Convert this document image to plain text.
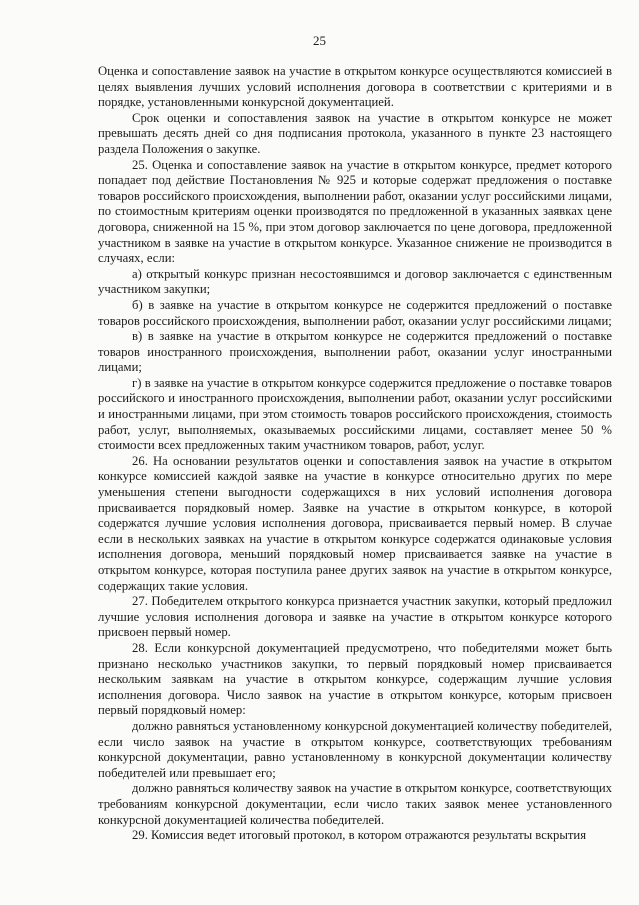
25

Оценка и сопоставление заявок на участие в открытом конкурсе осуществляются комиссией в целях выявления лучших условий исполнения договора в соответствии с критериями и в порядке, установленными конкурсной документацией.

Срок оценки и сопоставления заявок на участие в открытом конкурсе не может превышать десять дней со дня подписания протокола, указанного в пункте 23 настоящего раздела Положения о закупке.

25. Оценка и сопоставление заявок на участие в открытом конкурсе, предмет которого попадает под действие Постановления № 925 и которые содержат предложения о поставке товаров российского происхождения, выполнении работ, оказании услуг российскими лицами, по стоимостным критериям оценки производятся по предложенной в указанных заявках цене договора, сниженной на 15 %, при этом договор заключается по цене договора, предложенной участником в заявке на участие в открытом конкурсе. Указанное снижение не производится в случаях, если:

а) открытый конкурс признан несостоявшимся и договор заключается с единственным участником закупки;

б) в заявке на участие в открытом конкурсе не содержится предложений о поставке товаров российского происхождения, выполнении работ, оказании услуг российскими лицами;

в) в заявке на участие в открытом конкурсе не содержится предложений о поставке товаров иностранного происхождения, выполнении работ, оказании услуг иностранными лицами;

г) в заявке на участие в открытом конкурсе содержится предложение о поставке товаров российского и иностранного происхождения, выполнении работ, оказании услуг российскими и иностранными лицами, при этом стоимость товаров российского происхождения, стоимость работ, услуг, выполняемых, оказываемых российскими лицами, составляет менее 50 % стоимости всех предложенных таким участником товаров, работ, услуг.

26. На основании результатов оценки и сопоставления заявок на участие в открытом конкурсе комиссией каждой заявке на участие в конкурсе относительно других по мере уменьшения степени выгодности содержащихся в них условий исполнения договора присваивается порядковый номер. Заявке на участие в открытом конкурсе, в которой содержатся лучшие условия исполнения договора, присваивается первый номер. В случае если в нескольких заявках на участие в открытом конкурсе содержатся одинаковые условия исполнения договора, меньший порядковый номер присваивается заявке на участие в открытом конкурсе, которая поступила ранее других заявок на участие в открытом конкурсе, содержащих такие условия.

27. Победителем открытого конкурса признается участник закупки, который предложил лучшие условия исполнения договора и заявке на участие в открытом конкурсе которого присвоен первый номер.

28. Если конкурсной документацией предусмотрено, что победителями может быть признано несколько участников закупки, то первый порядковый номер присваивается нескольким заявкам на участие в открытом конкурсе, содержащим лучшие условия исполнения договора. Число заявок на участие в открытом конкурсе, которым присвоен первый порядковый номер:

должно равняться установленному конкурсной документацией количеству победителей, если число заявок на участие в открытом конкурсе, соответствующих требованиям конкурсной документации, равно установленному в конкурсной документации количеству победителей или превышает его;

должно равняться количеству заявок на участие в открытом конкурсе, соответствующих требованиям конкурсной документации, если число таких заявок менее установленного конкурсной документацией количества победителей.

29. Комиссия ведет итоговый протокол, в котором отражаются результаты вскрытия
